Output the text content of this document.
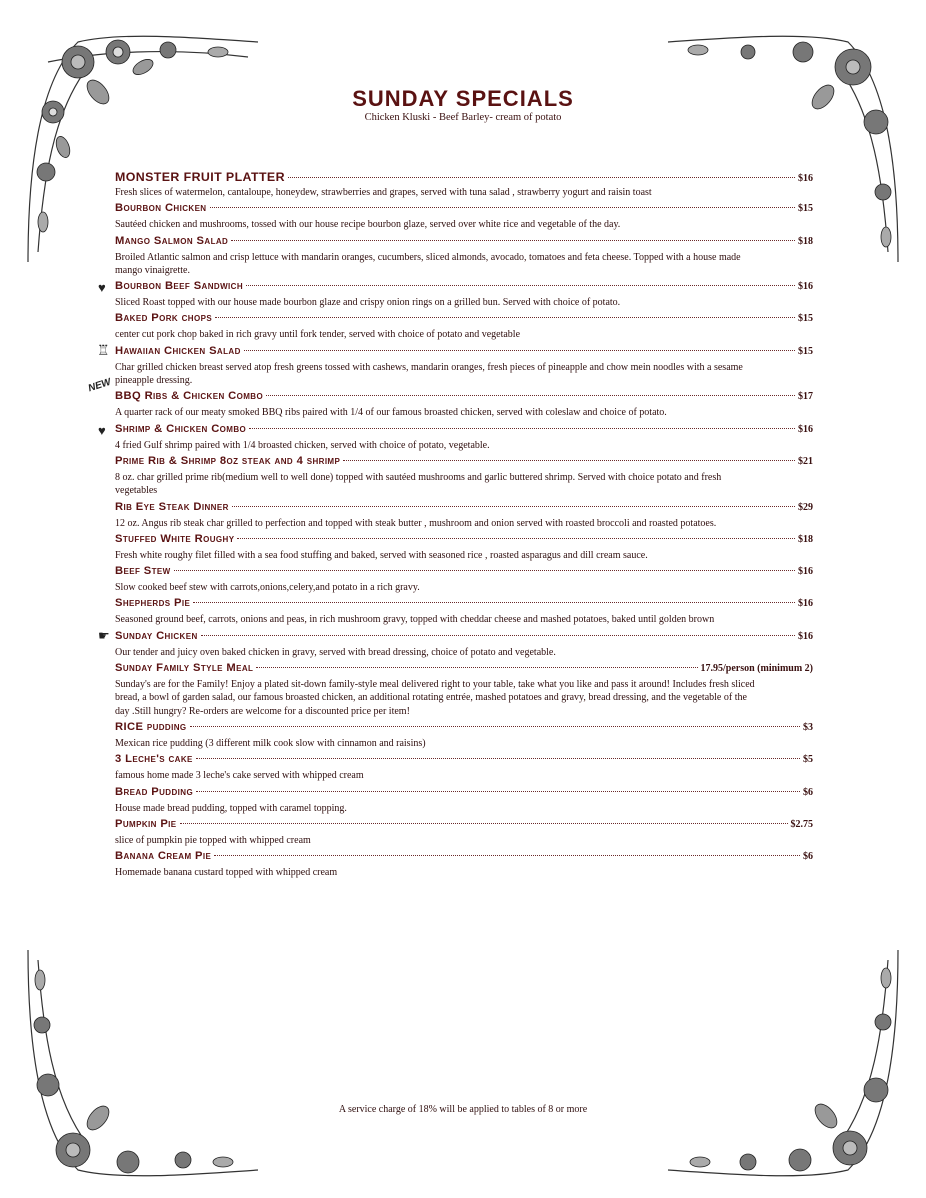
SUNDAY SPECIALS
Chicken Kluski - Beef Barley- cream of potato
MONSTER FRUIT PLATTER	$16
Fresh slices of watermelon, cantaloupe, honeydew, strawberries and grapes, served with tuna salad , strawberry yogurt and raisin toast
Bourbon Chicken	$15
Sautéed chicken and mushrooms, tossed with our house recipe bourbon glaze, served over white rice and vegetable of the day.
Mango Salmon Salad	$18
Broiled Atlantic salmon and crisp lettuce with mandarin oranges, cucumbers, sliced almonds, avocado, tomatoes and feta cheese. Topped with a house made mango vinaigrette.
♥ Bourbon Beef Sandwich	$16
Sliced Roast topped with our house made bourbon glaze and crispy onion rings on a grilled bun. Served with choice of potato.
Baked Pork chops	$15
center cut pork chop baked in rich gravy until fork tender, served with choice of potato and vegetable
♖ Hawaiian Chicken Salad	$15
Char grilled chicken breast served atop fresh greens tossed with cashews, mandarin oranges, fresh pieces of pineapple and chow mein noodles with a sesame pineapple dressing.
NEW
BBQ Ribs & Chicken Combo	$17
A quarter rack of our meaty smoked BBQ ribs paired with 1/4 of our famous broasted chicken, served with coleslaw and choice of potato.
♥ Shrimp & Chicken Combo	$16
4 fried Gulf shrimp paired with 1/4 broasted chicken, served with choice of potato, vegetable.
Prime Rib & Shrimp 8oz steak and 4 shrimp	$21
8 oz. char grilled prime rib(medium well to well done) topped with sautéed mushrooms and garlic buttered shrimp. Served with choice potato and fresh vegetables
Rib Eye Steak Dinner	$29
12 oz. Angus rib steak char grilled to perfection and topped with steak butter , mushroom and onion served with roasted broccoli and roasted potatoes.
Stuffed White Roughy	$18
Fresh white roughy filet filled with a sea food stuffing and baked, served with seasoned rice , roasted asparagus and dill cream sauce.
Beef Stew	$16
Slow cooked beef stew with carrots,onions,celery,and potato in a rich gravy.
Shepherds Pie	$16
Seasoned ground beef, carrots, onions and peas, in rich mushroom gravy, topped with cheddar cheese and mashed potatoes, baked until golden brown
☛ Sunday Chicken	$16
Our tender and juicy oven baked chicken in gravy, served with bread dressing, choice of potato and vegetable.
Sunday Family Style Meal	17.95/person (minimum 2)
Sunday's are for the Family! Enjoy a plated sit-down family-style meal delivered right to your table, take what you like and pass it around! Includes fresh sliced bread, a bowl of garden salad, our famous broasted chicken, an additional rotating entrée, mashed potatoes and gravy, bread dressing, and the vegetable of the day .Still hungry? Re-orders are welcome for a discounted price per item!
RICE pudding	$3
Mexican rice pudding (3 different milk cook slow with cinnamon and raisins)
3 Leche's cake	$5
famous home made 3 leche's cake served with whipped cream
Bread Pudding	$6
House made bread pudding, topped with caramel topping.
Pumpkin Pie	$2.75
slice of pumpkin pie topped with whipped cream
Banana Cream Pie	$6
Homemade banana custard topped with whipped cream
A service charge of 18% will be applied to tables of 8 or more
